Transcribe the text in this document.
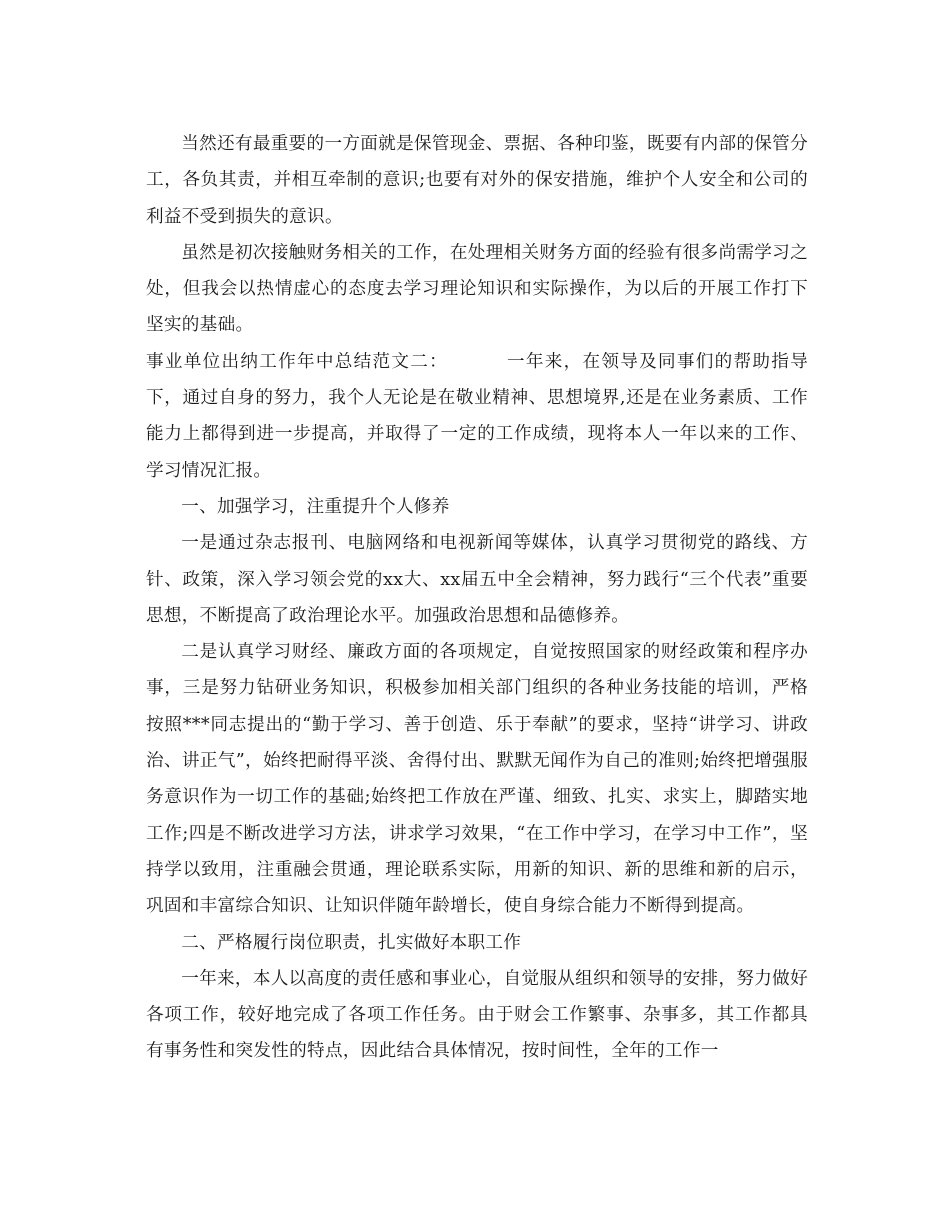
当然还有最重要的一方面就是保管现金、票据、各种印鉴，既要有内部的保管分工，各负其责，并相互牵制的意识;也要有对外的保安措施，维护个人安全和公司的利益不受到损失的意识。

虽然是初次接触财务相关的工作，在处理相关财务方面的经验有很多尚需学习之处，但我会以热情虚心的态度去学习理论知识和实际操作，为以后的开展工作打下坚实的基础。

事业单位出纳工作年中总结范文二：	一年来，在领导及同事们的帮助指导下，通过自身的努力，我个人无论是在敬业精神、思想境界,还是在业务素质、工作能力上都得到进一步提高，并取得了一定的工作成绩，现将本人一年以来的工作、学习情况汇报。

一、加强学习，注重提升个人修养

一是通过杂志报刊、电脑网络和电视新闻等媒体，认真学习贯彻党的路线、方针、政策，深入学习领会党的xx大、xx届五中全会精神，努力践行“三个代表”重要思想，不断提高了政治理论水平。加强政治思想和品德修养。

二是认真学习财经、廉政方面的各项规定，自觉按照国家的财经政策和程序办事，三是努力钻研业务知识，积极参加相关部门组织的各种业务技能的培训，严格按照***同志提出的“勤于学习、善于创造、乐于奉献”的要求，坚持“讲学习、讲政治、讲正气”，始终把耐得平淡、舍得付出、默默无闻作为自己的准则;始终把增强服务意识作为一切工作的基础;始终把工作放在严谨、细致、扎实、求实上，脚踏实地工作;四是不断改进学习方法，讲求学习效果，“在工作中学习，在学习中工作”，坚持学以致用，注重融会贯通，理论联系实际，用新的知识、新的思维和新的启示，巩固和丰富综合知识、让知识伴随年龄增长，使自身综合能力不断得到提高。

二、严格履行岗位职责，扎实做好本职工作

一年来，本人以高度的责任感和事业心，自觉服从组织和领导的安排，努力做好各项工作，较好地完成了各项工作任务。由于财会工作繁事、杂事多，其工作都具有事务性和突发性的特点，因此结合具体情况，按时间性，全年的工作一
